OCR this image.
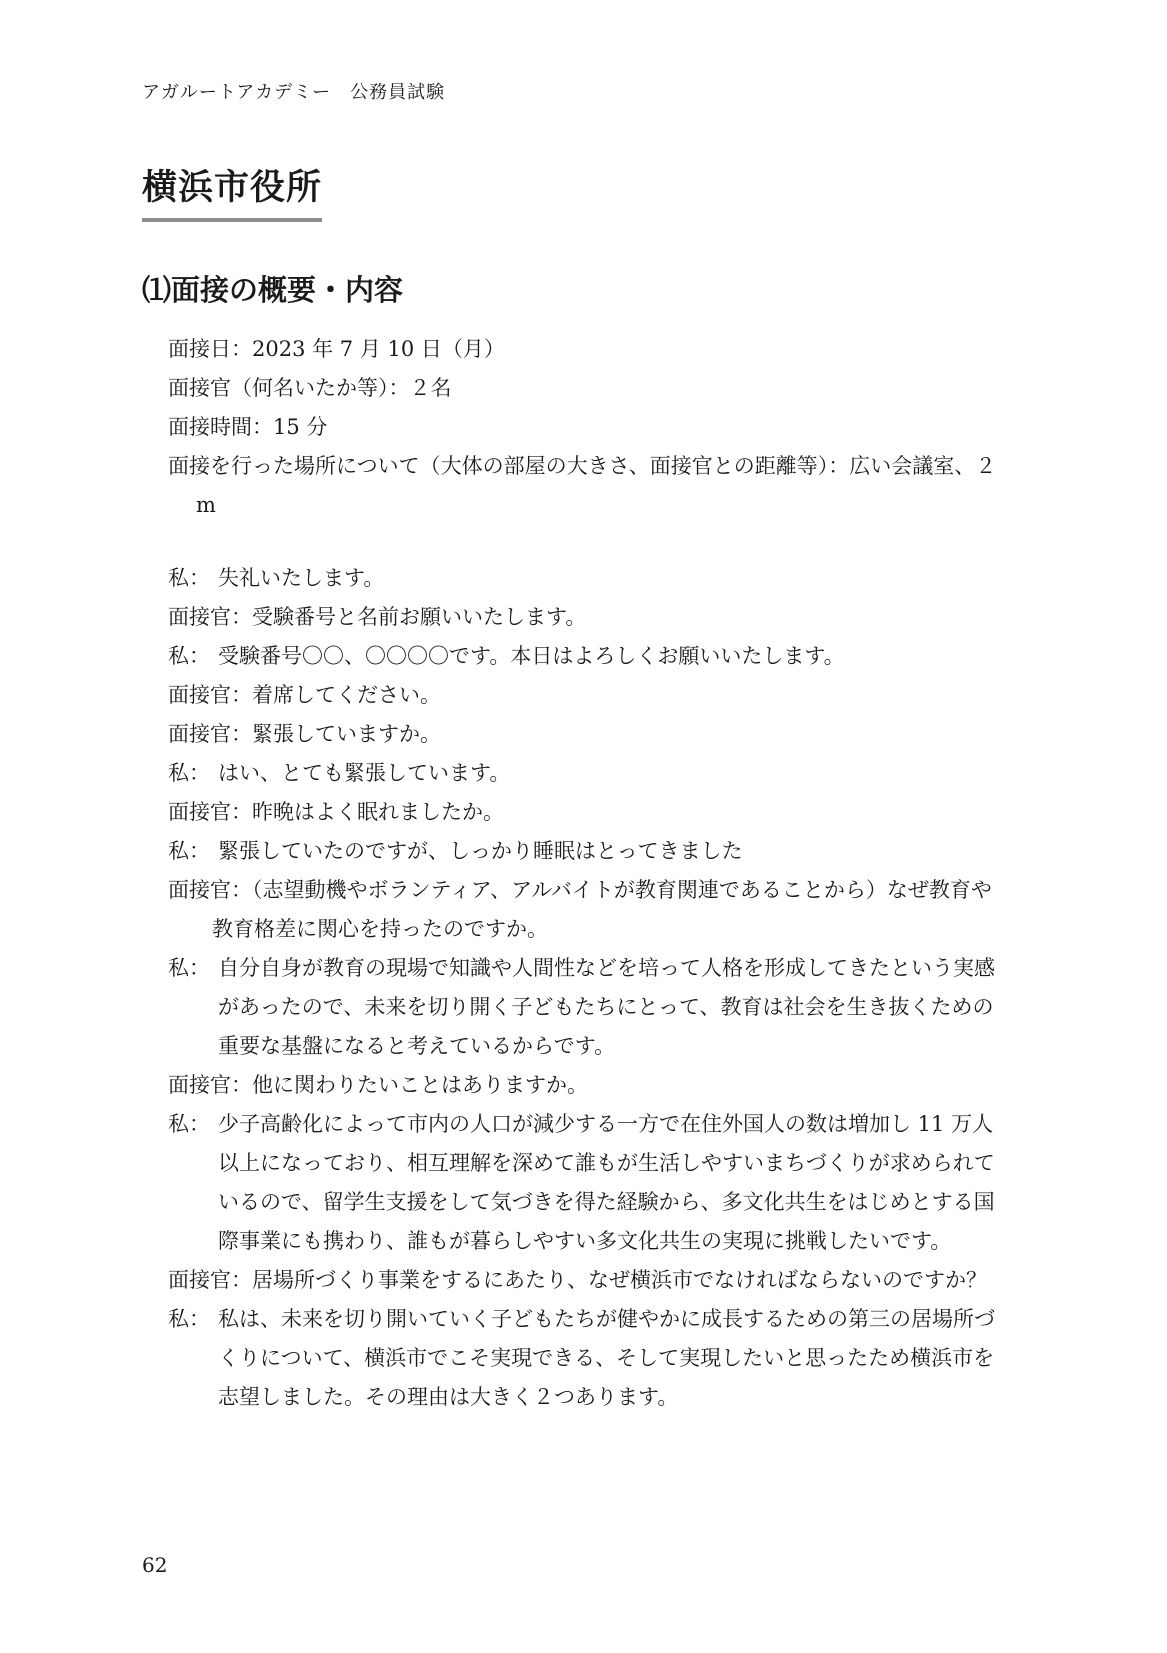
アガルートアカデミー　公務員試験
横浜市役所
⑴面接の概要・内容

面接日：2023 年 7 月 10 日（月）

面接官（何名いたか等）：２名

面接時間：15 分

面接を行った場所について（大体の部屋の大きさ、面接官との距離等）：広い会議室、２m

私： 失礼いたします。
面接官：受験番号と名前お願いいたします。
私： 受験番号〇〇、〇〇〇〇です。本日はよろしくお願いいたします。
面接官：着席してください。
面接官：緊張していますか。
私： はい、とても緊張しています。
面接官：昨晩はよく眠れましたか。
私： 緊張していたのですが、しっかり睡眠はとってきました
面接官：（志望動機やボランティア、アルバイトが教育関連であることから）なぜ教育や教育格差に関心を持ったのですか。
私： 自分自身が教育の現場で知識や人間性などを培って人格を形成してきたという実感があったので、未来を切り開く子どもたちにとって、教育は社会を生き抜くための重要な基盤になると考えているからです。
面接官：他に関わりたいことはありますか。
私： 少子高齢化によって市内の人口が減少する一方で在住外国人の数は増加し 11 万人以上になっており、相互理解を深めて誰もが生活しやすいまちづくりが求められているので、留学生支援をして気づきを得た経験から、多文化共生をはじめとする国際事業にも携わり、誰もが暮らしやすい多文化共生の実現に挑戦したいです。
面接官：居場所づくり事業をするにあたり、なぜ横浜市でなければならないのですか？
私： 私は、未来を切り開いていく子どもたちが健やかに成長するための第三の居場所づくりについて、横浜市でこそ実現できる、そして実現したいと思ったため横浜市を志望しました。その理由は大きく２つあります。
62
